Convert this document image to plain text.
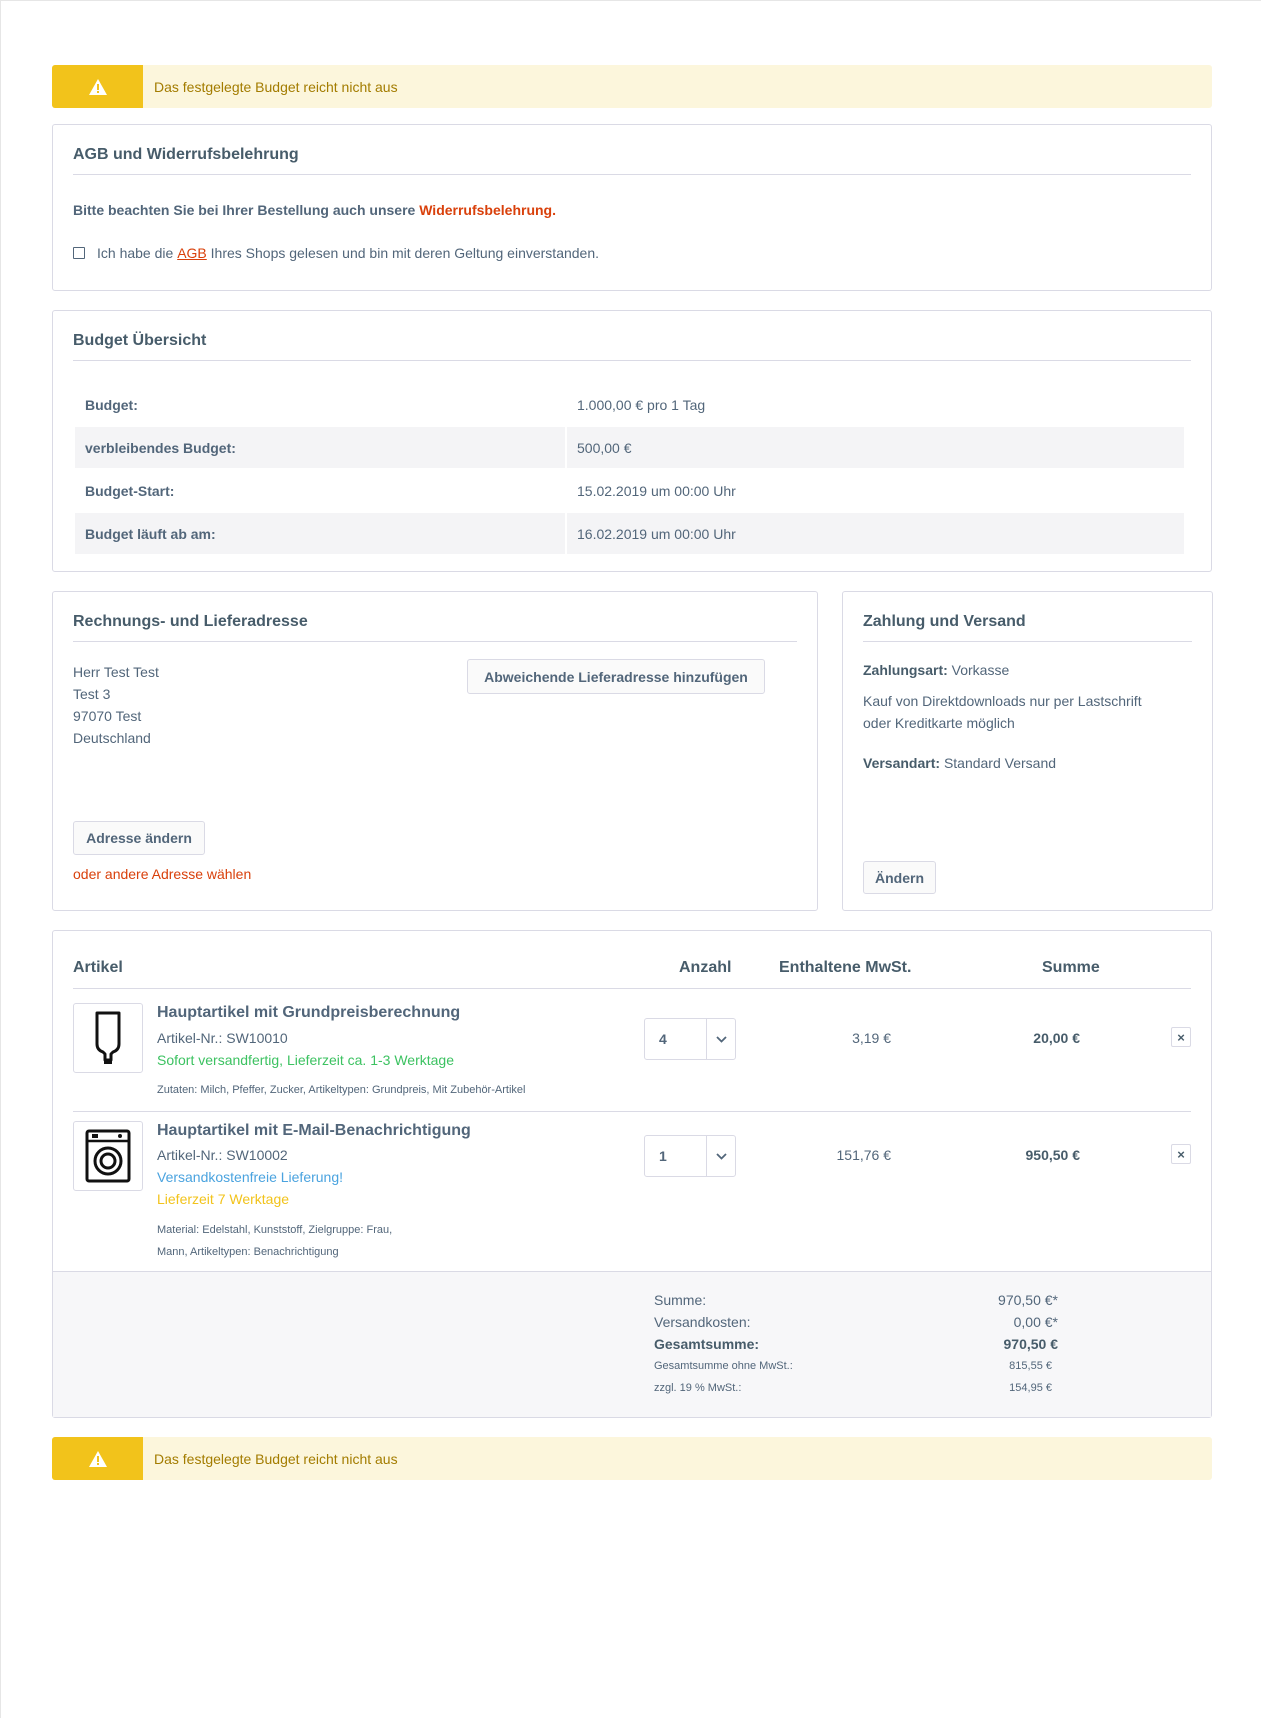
Das festgelegte Budget reicht nicht aus
AGB und Widerrufsbelehrung
Bitte beachten Sie bei Ihrer Bestellung auch unsere Widerrufsbelehrung.
Ich habe die
AGB
Ihres Shops gelesen und bin mit deren Geltung einverstanden.
Budget Übersicht
Budget:	1.000,00 € pro 1 Tag
verbleibendes Budget:	500,00 €
Budget-Start:	15.02.2019 um 00:00 Uhr
Budget läuft ab am:	16.02.2019 um 00:00 Uhr
Rechnungs- und Lieferadresse
Herr Test Test
Test 3
97070 Test
Deutschland
Abweichende Lieferadresse hinzufügen
Adresse ändern
oder andere Adresse wählen
Zahlung und Versand
Zahlungsart: Vorkasse
Kauf von Direktdownloads nur per Lastschrift
oder Kreditkarte möglich
Versandart: Standard Versand
Ändern
Artikel	Anzahl	Enthaltene MwSt.	Summe
Hauptartikel mit Grundpreisberechnung
Artikel-Nr.: SW10010
Sofort versandfertig, Lieferzeit ca. 1-3 Werktage
Zutaten: Milch, Pfeffer, Zucker, Artikeltypen: Grundpreis, Mit Zubehör-Artikel
4	3,19 €	20,00 €	×
Hauptartikel mit E-Mail-Benachrichtigung
Artikel-Nr.: SW10002
Versandkostenfreie Lieferung!
Lieferzeit 7 Werktage
Material: Edelstahl, Kunststoff, Zielgruppe: Frau,
Mann, Artikeltypen: Benachrichtigung
1	151,76 €	950,50 €	×
Summe:	970,50 €*
Versandkosten:	0,00 €*
Gesamtsumme:	970,50 €
Gesamtsumme ohne MwSt.:	815,55 €
zzgl. 19 % MwSt.:	154,95 €
Das festgelegte Budget reicht nicht aus
